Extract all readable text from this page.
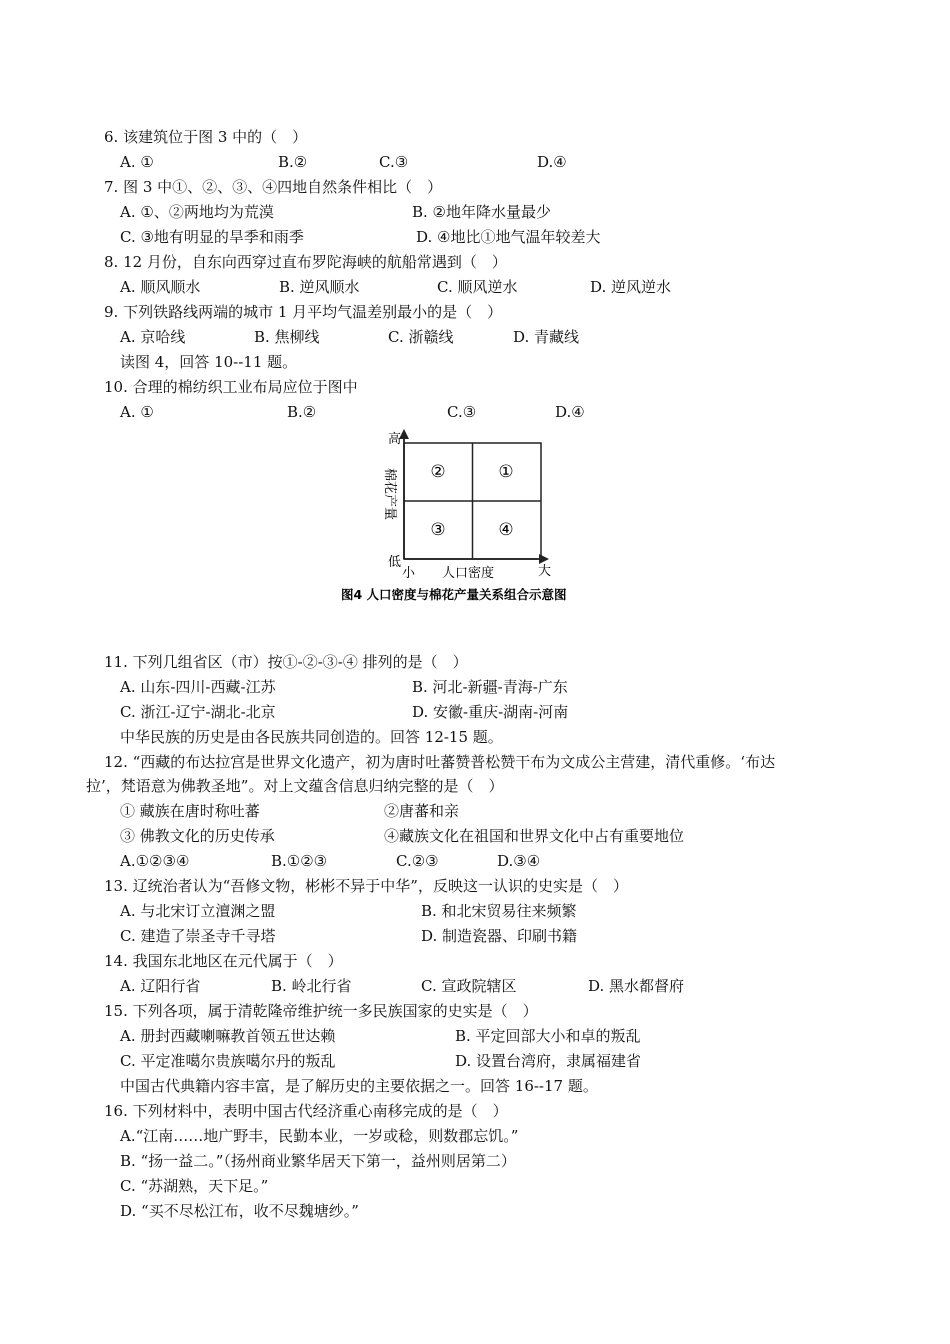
6. 该建筑位于图 3 中的（　）
A. ①	B.②	C.③	D.④
7. 图 3 中①、②、③、④四地自然条件相比（　）
A. ①、②两地均为荒漠	B. ②地年降水量最少
C. ③地有明显的旱季和雨季	D. ④地比①地气温年较差大
8. 12 月份，自东向西穿过直布罗陀海峡的航船常遇到（　）
A. 顺风顺水	B. 逆风顺水	C. 顺风逆水	D. 逆风逆水
9. 下列铁路线两端的城市 1 月平均气温差别最小的是（　）
A. 京哈线	B. 焦柳线	C. 浙赣线	D. 青藏线
读图 4，回答 10--11 题。
10. 合理的棉纺织工业布局应位于图中
A. ①	B.②	C.③	D.④
②	①
③	④
高
低
棉花产量
小 人口密度	大
图4 人口密度与棉花产量关系组合示意图
11. 下列几组省区（市）按①-②-③-④ 排列的是（　）
A. 山东-四川-西藏-江苏	B. 河北-新疆-青海-广东
C. 浙江-辽宁-湖北-北京	D. 安徽-重庆-湖南-河南
中华民族的历史是由各民族共同创造的。回答 12-15 题。
12. “西藏的布达拉宫是世界文化遗产，初为唐时吐蕃赞普松赞干布为文成公主营建，清代重修。‘布达
拉’，梵语意为佛教圣地”。对上文蕴含信息归纳完整的是（　）
① 藏族在唐时称吐蕃	②唐蕃和亲
③ 佛教文化的历史传承	④藏族文化在祖国和世界文化中占有重要地位
A.①②③④	B.①②③	C.②③	D.③④
13. 辽统治者认为“吾修文物，彬彬不异于中华”，反映这一认识的史实是（　）
A. 与北宋订立澶渊之盟	B. 和北宋贸易往来频繁
C. 建造了崇圣寺千寻塔	D. 制造瓷器、印刷书籍
14. 我国东北地区在元代属于（　）
A. 辽阳行省	B. 岭北行省	C. 宣政院辖区	D. 黑水都督府
15. 下列各项，属于清乾隆帝维护统一多民族国家的史实是（　）
A. 册封西藏喇嘛教首领五世达赖	B. 平定回部大小和卓的叛乱
C. 平定准噶尔贵族噶尔丹的叛乱	D. 设置台湾府，隶属福建省
中国古代典籍内容丰富，是了解历史的主要依据之一。回答 16--17 题。
16. 下列材料中，表明中国古代经济重心南移完成的是（　）
A.“江南……地广野丰，民勤本业，一岁或稔，则数郡忘饥。”
B. “扬一益二。”（扬州商业繁华居天下第一，益州则居第二）
C. “苏湖熟，天下足。”
D. “买不尽松江布，收不尽魏塘纱。”
